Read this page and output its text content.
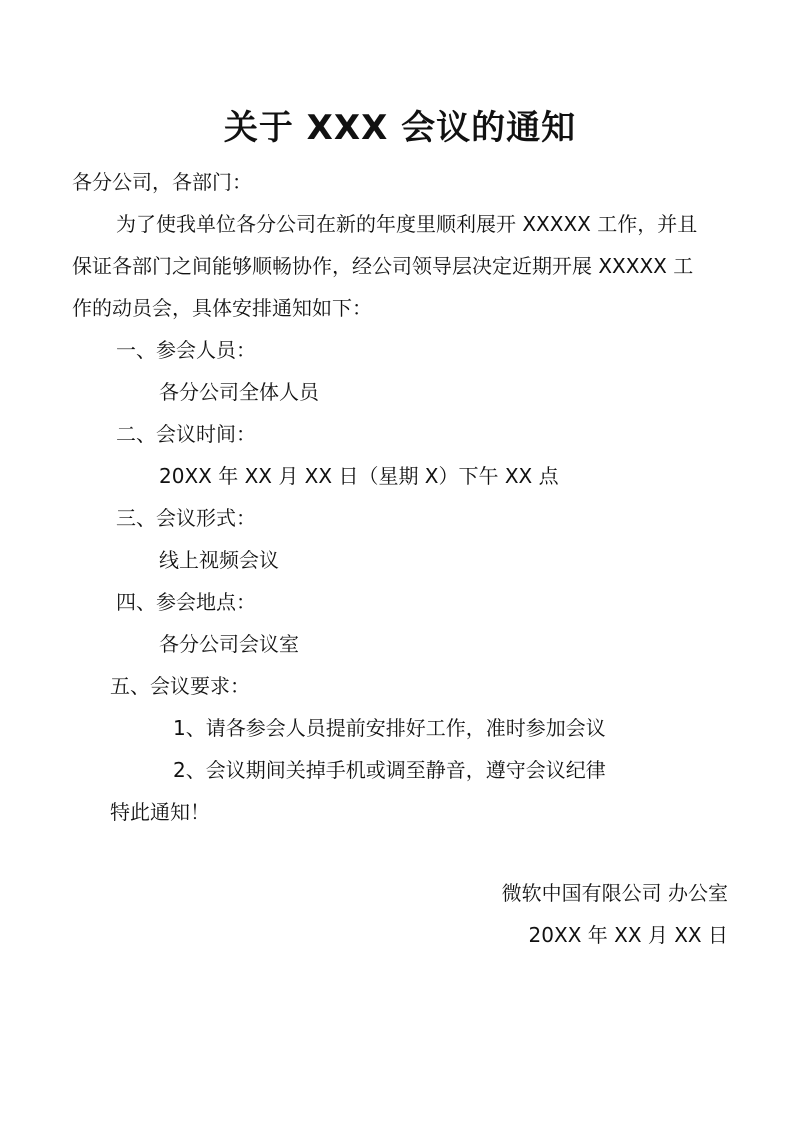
关于 XXX 会议的通知
各分公司，各部门：
为了使我单位各分公司在新的年度里顺利展开 XXXXX 工作，并且
保证各部门之间能够顺畅协作，经公司领导层决定近期开展 XXXXX 工
作的动员会，具体安排通知如下：
一、参会人员：
各分公司全体人员
二、会议时间：
20XX 年 XX 月 XX 日（星期 X）下午 XX 点
三、会议形式：
线上视频会议
四、参会地点：
各分公司会议室
五、会议要求：
1、请各参会人员提前安排好工作，准时参加会议
2、会议期间关掉手机或调至静音，遵守会议纪律
特此通知！
微软中国有限公司 办公室
20XX 年 XX 月 XX 日
